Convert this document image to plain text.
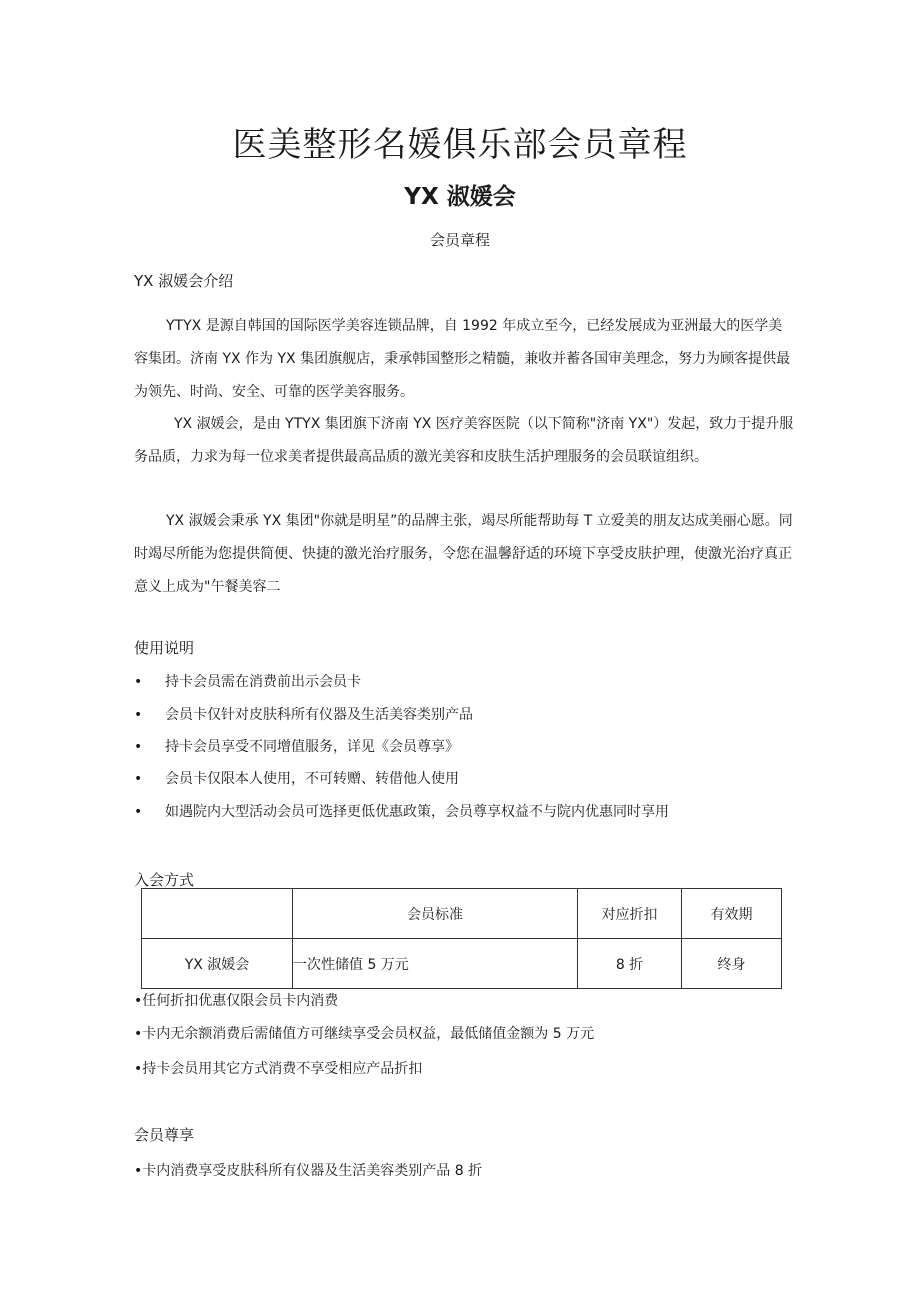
医美整形名媛俱乐部会员章程
YX 淑媛会
会员章程
YX 淑媛会介绍
YTYX 是源自韩国的国际医学美容连锁品牌，自 1992 年成立至今，已经发展成为亚洲最大的医学美容集团。济南 YX 作为 YX 集团旗舰店，秉承韩国整形之精髓，兼收并蓄各国审美理念，努力为顾客提供最为领先、时尚、安全、可靠的医学美容服务。
YX 淑媛会，是由 YTYX 集团旗下济南 YX 医疗美容医院（以下简称"济南 YX"）发起，致力于提升服务品质，力求为每一位求美者提供最高品质的激光美容和皮肤生活护理服务的会员联谊组织。
YX 淑媛会秉承 YX 集团"你就是明星”的品牌主张，竭尽所能帮助每 T 立爱美的朋友达成美丽心愿。同时竭尽所能为您提供简便、快捷的激光治疗服务，令您在温馨舒适的环境下享受皮肤护理，使激光治疗真正意义上成为"午餐美容二
使用说明
• 持卡会员需在消费前出示会员卡
• 会员卡仅针对皮肤科所有仪器及生活美容类别产品
• 持卡会员享受不同增值服务，详见《会员尊享》
• 会员卡仅限本人使用，不可转赠、转借他人使用
• 如遇院内大型活动会员可选择更低优惠政策，会员尊享权益不与院内优惠同时享用
入会方式
	会员标准	对应折扣	有效期
YX 淑媛会	一次性储值 5 万元	8 折	终身
•任何折扣优惠仅限会员卡内消费
•卡内无余额消费后需储值方可继续享受会员权益，最低储值金额为 5 万元
•持卡会员用其它方式消费不享受相应产品折扣
会员尊享
•卡内消费享受皮肤科所有仪器及生活美容类别产品 8 折
